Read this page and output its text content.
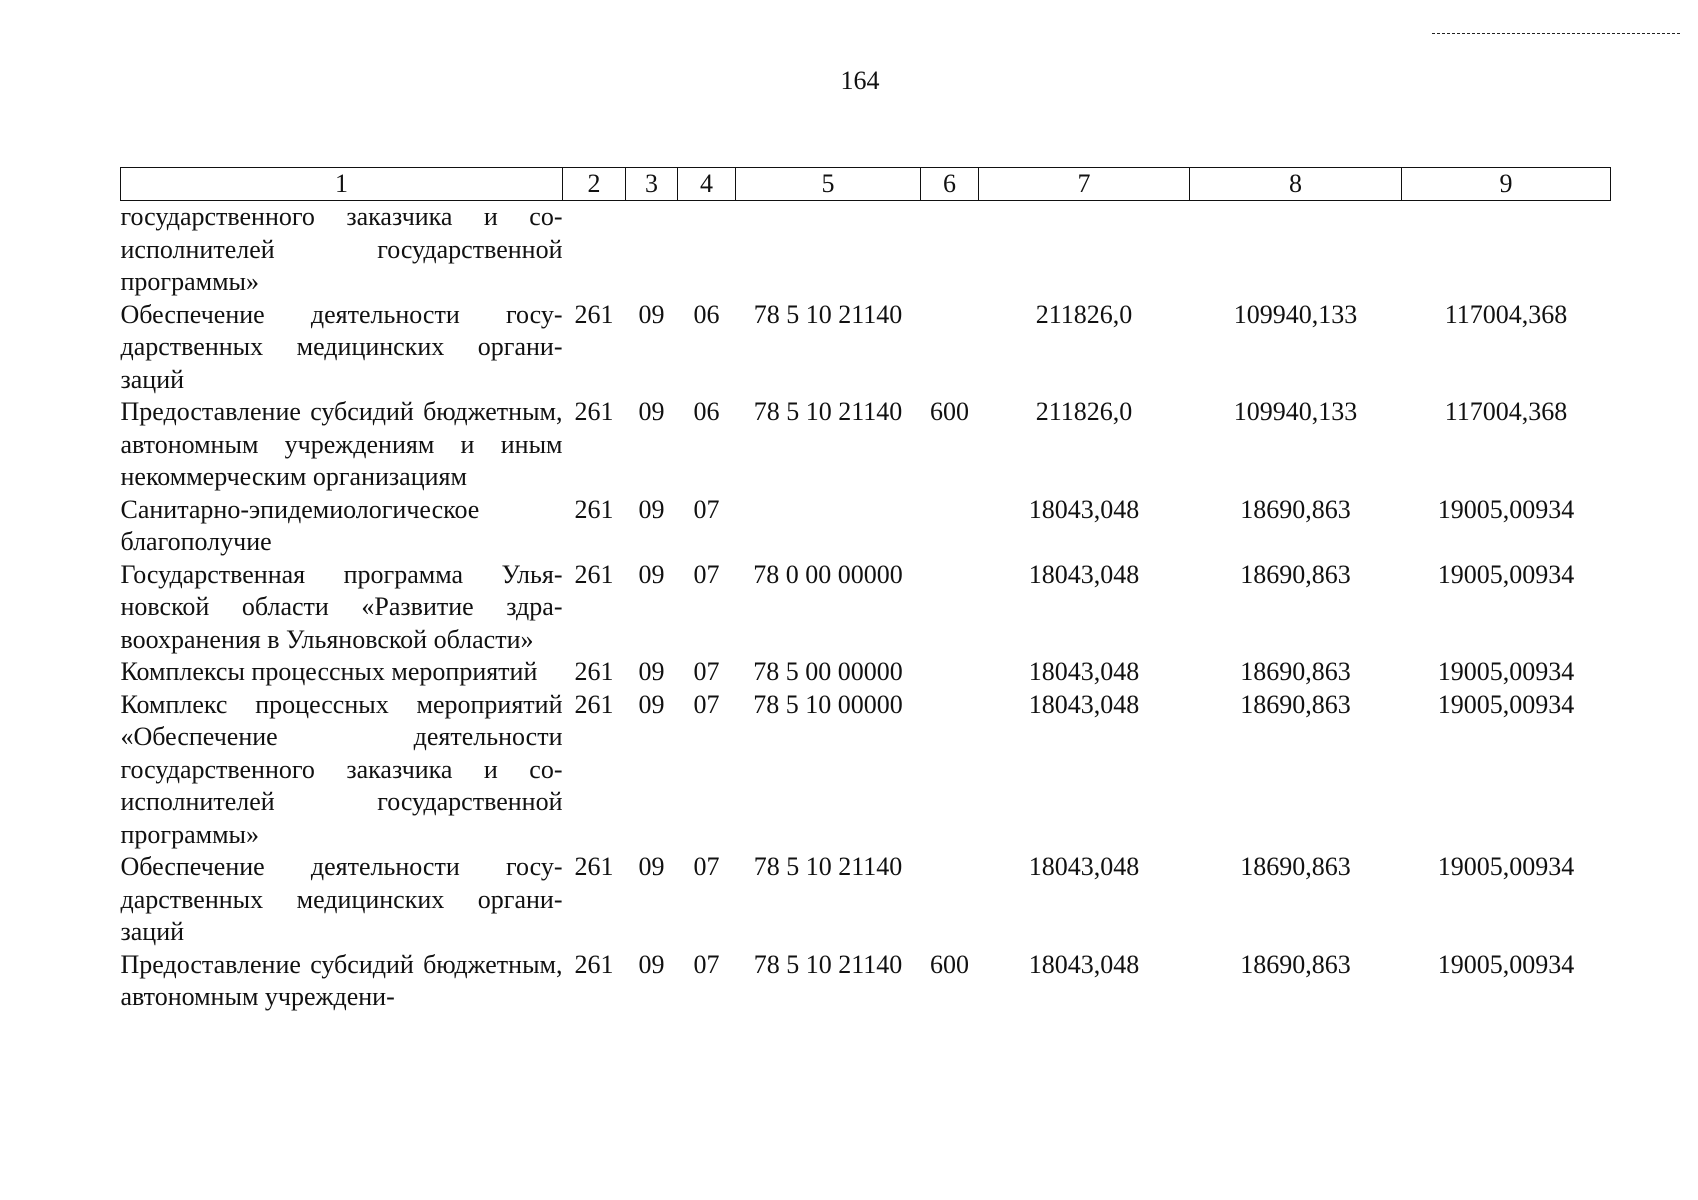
164
1	2	3	4	5	6	7	8	9
государственного заказчика и соисполнителей государственной программы»								
Обеспечение деятельности государственных медицинских организаций	261	09	06	78 5 10 21140		211826,0	109940,133	117004,368
Предоставление субсидий бюджетным, автономным учреждениям и иным некоммерческим организациям	261	09	06	78 5 10 21140	600	211826,0	109940,133	117004,368
Санитарно-эпидемиологическое благополучие	261	09	07			18043,048	18690,863	19005,00934
Государственная программа Ульяновской области «Развитие здравоохранения в Ульяновской области»	261	09	07	78 0 00 00000		18043,048	18690,863	19005,00934
Комплексы процессных мероприятий	261	09	07	78 5 00 00000		18043,048	18690,863	19005,00934
Комплекс процессных мероприятий «Обеспечение деятельности государственного заказчика и соисполнителей государственной программы»	261	09	07	78 5 10 00000		18043,048	18690,863	19005,00934
Обеспечение деятельности государственных медицинских организаций	261	09	07	78 5 10 21140		18043,048	18690,863	19005,00934
Предоставление субсидий бюджетным, автономным учреждени-	261	09	07	78 5 10 21140	600	18043,048	18690,863	19005,00934
